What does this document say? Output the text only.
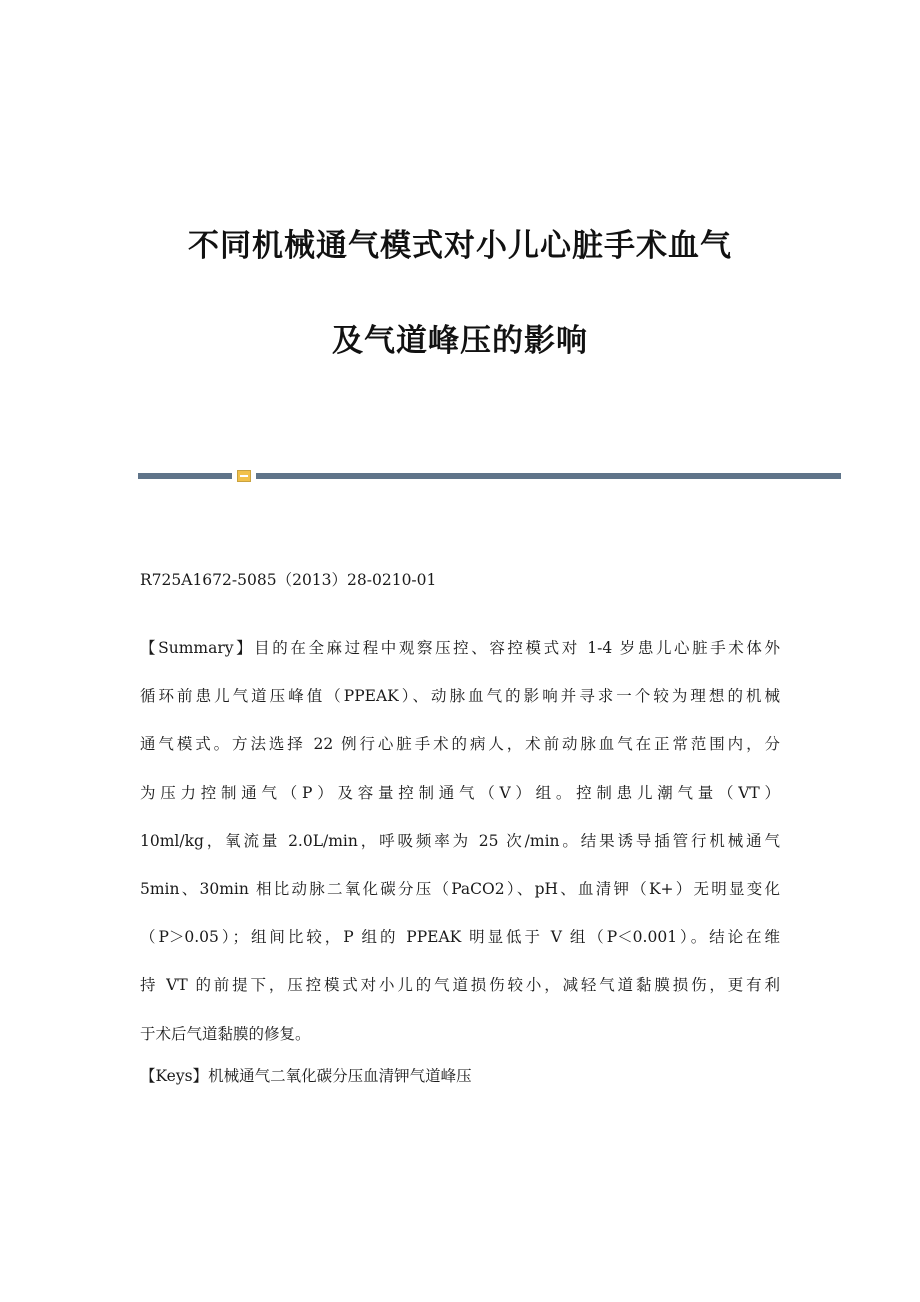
不同机械通气模式对小儿心脏手术血气
及气道峰压的影响
R725A1672-5085（2013）28-0210-01
【Summary】目的在全麻过程中观察压控、容控模式对 1-4 岁患儿心脏手术体外
循环前患儿气道压峰值（PPEAK）、动脉血气的影响并寻求一个较为理想的机械
通气模式。方法选择 22 例行心脏手术的病人，术前动脉血气在正常范围内，分
为压力控制通气（P）及容量控制通气（V）组。控制患儿潮气量（VT）
10ml/kg，氧流量 2.0L/min，呼吸频率为 25 次/min。结果诱导插管行机械通气
5min、30min 相比动脉二氧化碳分压（PaCO2）、pH、血清钾（K+）无明显变化
（P＞0.05）；组间比较，P 组的 PPEAK 明显低于 V 组（P＜0.001）。结论在维
持 VT 的前提下，压控模式对小儿的气道损伤较小，减轻气道黏膜损伤，更有利
于术后气道黏膜的修复。
【Keys】机械通气二氧化碳分压血清钾气道峰压
